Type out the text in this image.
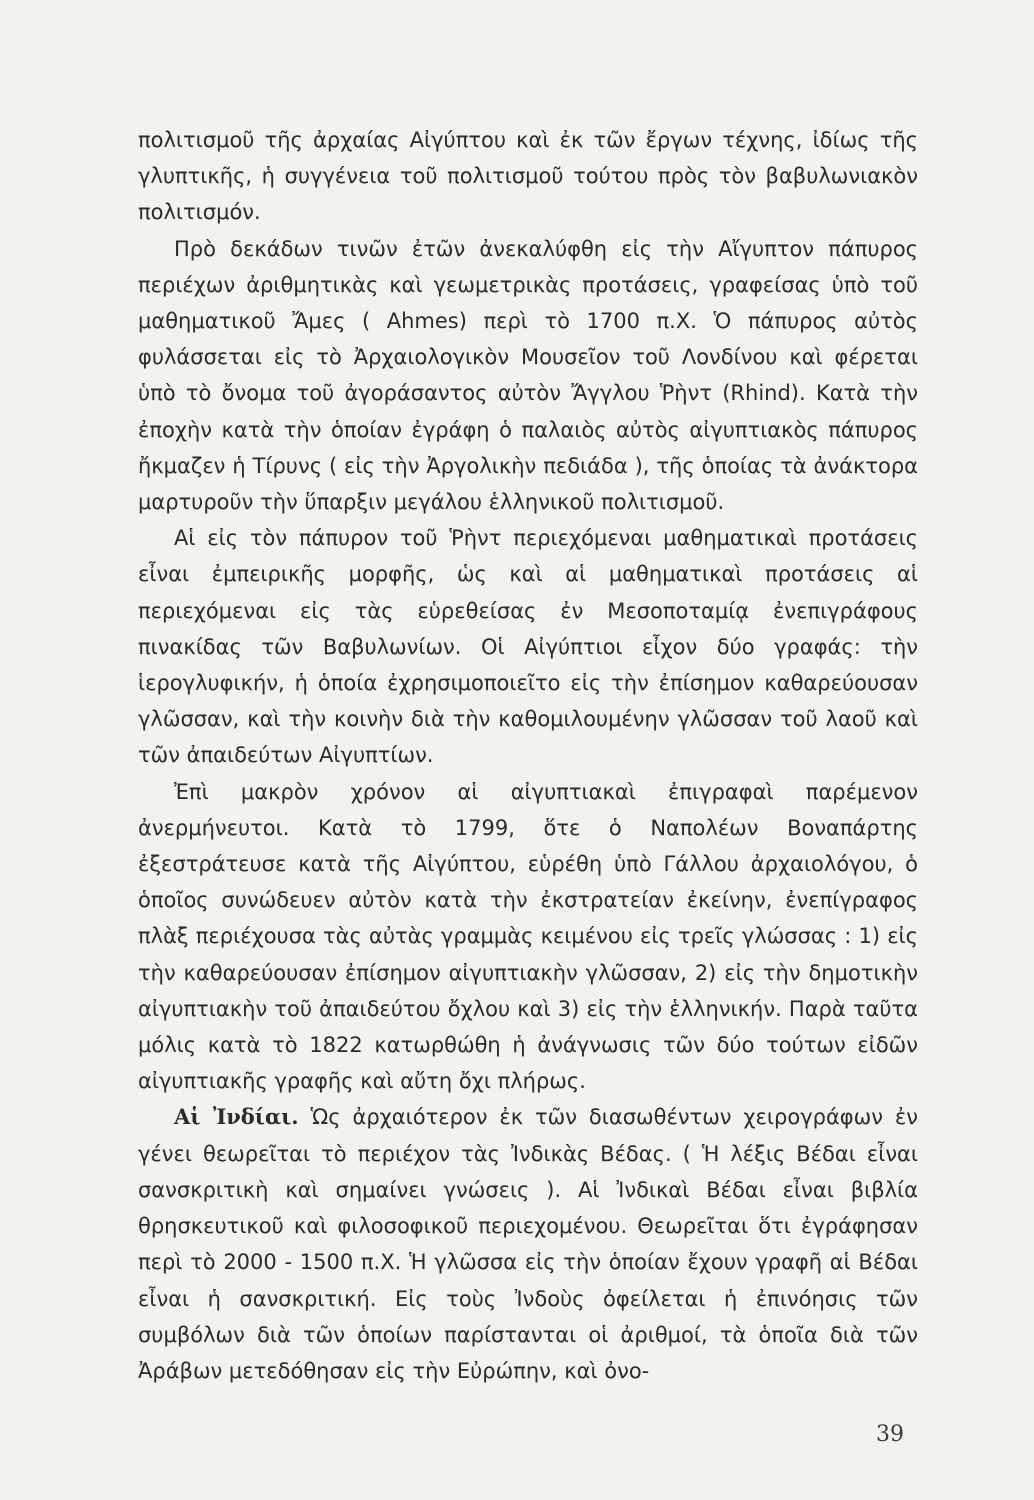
πολιτισμοῦ τῆς ἀρχαίας Αἰγύπτου καὶ ἐκ τῶν ἔργων τέχνης, ἰδίως τῆς γλυπτικῆς, ἡ συγγένεια τοῦ πολιτισμοῦ τούτου πρὸς τὸν βαβυλωνιακὸν πολιτισμόν.

Πρὸ δεκάδων τινῶν ἐτῶν ἀνεκαλύφθη εἰς τὴν Αἴγυπτον πάπυρος περιέχων ἀριθμητικὰς καὶ γεωμετρικὰς προτάσεις, γραφείσας ὑπὸ τοῦ μαθηματικοῦ Ἄμες ( Ahmes) περὶ τὸ 1700 π.Χ. Ὁ πάπυρος αὐτὸς φυλάσσεται εἰς τὸ Ἀρχαιολογικὸν Μουσεῖον τοῦ Λονδίνου καὶ φέρεται ὑπὸ τὸ ὄνομα τοῦ ἀγοράσαντος αὐτὸν Ἄγγλου Ῥὴντ (Rhind). Κατὰ τὴν ἐποχὴν κατὰ τὴν ὁποίαν ἐγράφη ὁ παλαιὸς αὐτὸς αἰγυπτιακὸς πάπυρος ἤκμαζεν ἡ Τίρυνς ( εἰς τὴν Ἀργολικὴν πεδιάδα ), τῆς ὁποίας τὰ ἀνάκτορα μαρτυροῦν τὴν ὕπαρξιν μεγάλου ἑλληνικοῦ πολιτισμοῦ.

Αἱ εἰς τὸν πάπυρον τοῦ Ῥὴντ περιεχόμεναι μαθηματικαὶ προτάσεις εἶναι ἐμπειρικῆς μορφῆς, ὡς καὶ αἱ μαθηματικαὶ προτάσεις αἱ περιεχόμεναι εἰς τὰς εὑρεθείσας ἐν Μεσοποταμίᾳ ἐνεπιγράφους πινακίδας τῶν Βαβυλωνίων. Οἱ Αἰγύπτιοι εἶχον δύο γραφάς: τὴν ἱερογλυφικήν, ἡ ὁποία ἐχρησιμοποιεῖτο εἰς τὴν ἐπίσημον καθαρεύουσαν γλῶσσαν, καὶ τὴν κοινὴν διὰ τὴν καθομιλουμένην γλῶσσαν τοῦ λαοῦ καὶ τῶν ἀπαιδεύτων Αἰγυπτίων.

Ἐπὶ μακρὸν χρόνον αἱ αἰγυπτιακαὶ ἐπιγραφαὶ παρέμενον ἀνερμήνευτοι. Κατὰ τὸ 1799, ὅτε ὁ Ναπολέων Βοναπάρτης ἐξεστράτευσε κατὰ τῆς Αἰγύπτου, εὑρέθη ὑπὸ Γάλλου ἀρχαιολόγου, ὁ ὁποῖος συνώδευεν αὐτὸν κατὰ τὴν ἐκστρατείαν ἐκείνην, ἐνεπίγραφος πλὰξ περιέχουσα τὰς αὐτὰς γραμμὰς κειμένου εἰς τρεῖς γλώσσας : 1) εἰς τὴν καθαρεύουσαν ἐπίσημον αἰγυπτιακὴν γλῶσσαν, 2) εἰς τὴν δημοτικὴν αἰγυπτιακὴν τοῦ ἀπαιδεύτου ὄχλου καὶ 3) εἰς τὴν ἑλληνικήν. Παρὰ ταῦτα μόλις κατὰ τὸ 1822 κατωρθώθη ἡ ἀνάγνωσις τῶν δύο τούτων εἰδῶν αἰγυπτιακῆς γραφῆς καὶ αὔτη ὄχι πλήρως.

Αἱ Ἰνδίαι. Ὡς ἀρχαιότερον ἐκ τῶν διασωθέντων χειρογράφων ἐν γένει θεωρεῖται τὸ περιέχον τὰς Ἰνδικὰς Βέδας. ( Ἡ λέξις Βέδαι εἶναι σανσκριτικὴ καὶ σημαίνει γνώσεις ). Αἱ Ἰνδικαὶ Βέδαι εἶναι βιβλία θρησκευτικοῦ καὶ φιλοσοφικοῦ περιεχομένου. Θεωρεῖται ὅτι ἐγράφησαν περὶ τὸ 2000 - 1500 π.Χ. Ἡ γλῶσσα εἰς τὴν ὁποίαν ἔχουν γραφῆ αἱ Βέδαι εἶναι ἡ σανσκριτική. Εἰς τοὺς Ἰνδοὺς ὀφείλεται ἡ ἐπινόησις τῶν συμβόλων διὰ τῶν ὁποίων παρίστανται οἱ ἀριθμοί, τὰ ὁποῖα διὰ τῶν Ἀράβων μετεδόθησαν εἰς τὴν Εὐρώπην, καὶ ὀνο-

39
